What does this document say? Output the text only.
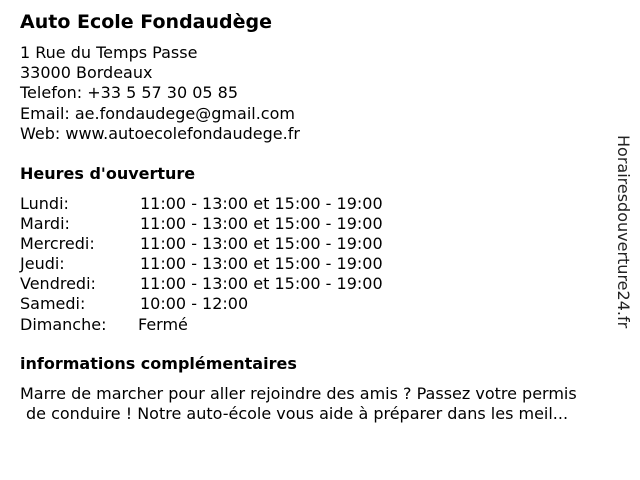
Auto Ecole Fondaudège
1 Rue du Temps Passe
33000 Bordeaux
Telefon: +33 5 57 30 05 85
Email: ae.fondaudege@gmail.com
Web: www.autoecolefondaudege.fr
Heures d'ouverture
Lundi:	11:00 - 13:00 et 15:00 - 19:00
Mardi:	11:00 - 13:00 et 15:00 - 19:00
Mercredi:	11:00 - 13:00 et 15:00 - 19:00
Jeudi:	11:00 - 13:00 et 15:00 - 19:00
Vendredi:	11:00 - 13:00 et 15:00 - 19:00
Samedi:	10:00 - 12:00
Dimanche: Fermé
informations complémentaires
Marre de marcher pour aller rejoindre des amis ? Passez votre permis
de conduire ! Notre auto-école vous aide à préparer dans les meil...
Horairesdouverture24.fr
